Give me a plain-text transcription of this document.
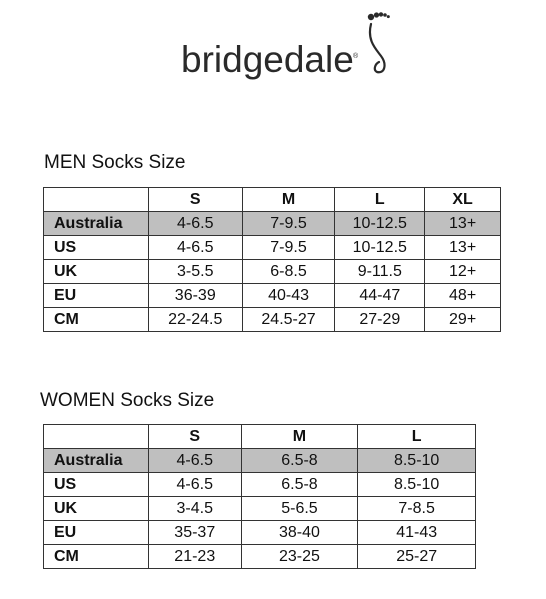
bridgedale ®
MEN Socks Size
	S	M	L	XL
Australia	4-6.5	7-9.5	10-12.5	13+
US	4-6.5	7-9.5	10-12.5	13+
UK	3-5.5	6-8.5	9-11.5	12+
EU	36-39	40-43	44-47	48+
CM	22-24.5	24.5-27	27-29	29+
WOMEN Socks Size
	S	M	L
Australia	4-6.5	6.5-8	8.5-10
US	4-6.5	6.5-8	8.5-10
UK	3-4.5	5-6.5	7-8.5
EU	35-37	38-40	41-43
CM	21-23	23-25	25-27
